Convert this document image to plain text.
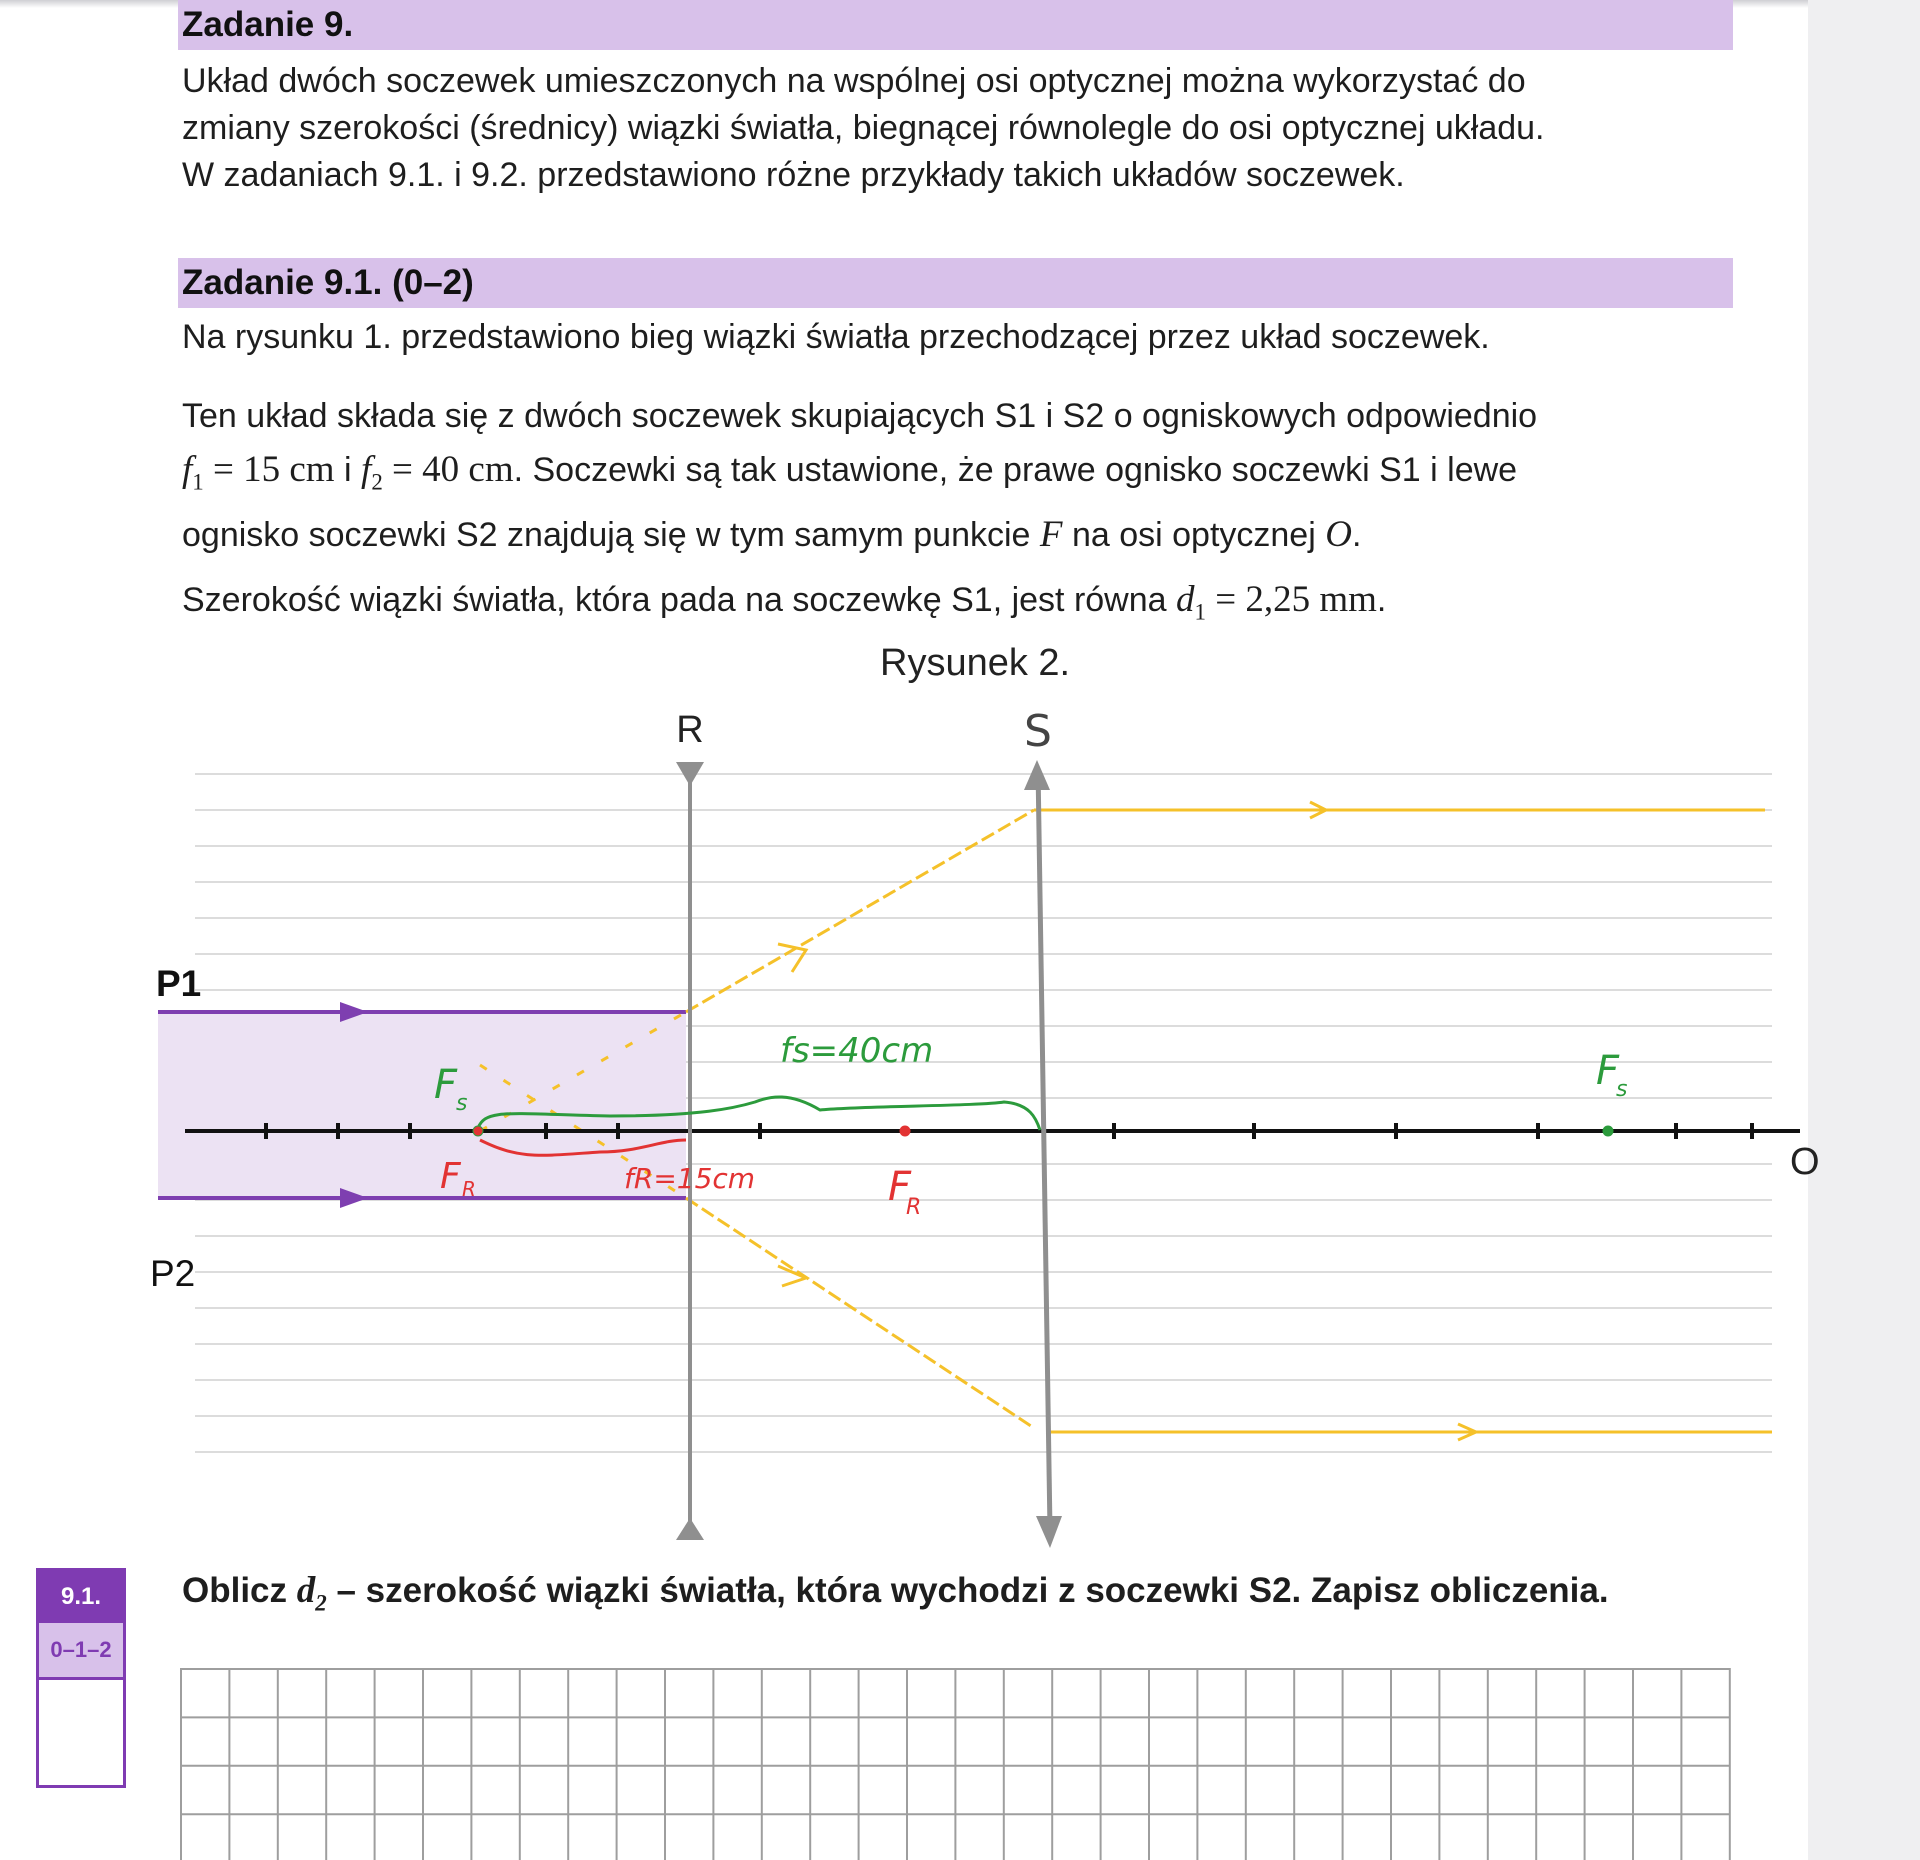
Zadanie 9.
Układ dwóch soczewek umieszczonych na wspólnej osi optycznej można wykorzystać do
zmiany szerokości (średnicy) wiązki światła, biegnącej równolegle do osi optycznej układu.
W zadaniach 9.1. i 9.2. przedstawiono różne przykłady takich układów soczewek.
Zadanie 9.1. (0–2)
Na rysunku 1. przedstawiono bieg wiązki światła przechodzącej przez układ soczewek.
Ten układ składa się z dwóch soczewek skupiających S1 i S2 o ogniskowych odpowiednio
$f_1 = 15$ cm i $f_2 = 40$ cm. Soczewki są tak ustawione, że prawe ognisko soczewki S1 i lewe
ognisko soczewki S2 znajdują się w tym samym punkcie F na osi optycznej O.
Szerokość wiązki światła, która pada na soczewkę S1, jest równa $d_1 = 2,25$ mm.
Rysunek 2.
R	S
P1
P2
O
F
s
F
s
fs=40cm
F R	F
R
fR=15cm
9.1.
0–1–2
Oblicz $d_2$ – szerokość wiązki światła, która wychodzi z soczewki S2. Zapisz obliczenia.
